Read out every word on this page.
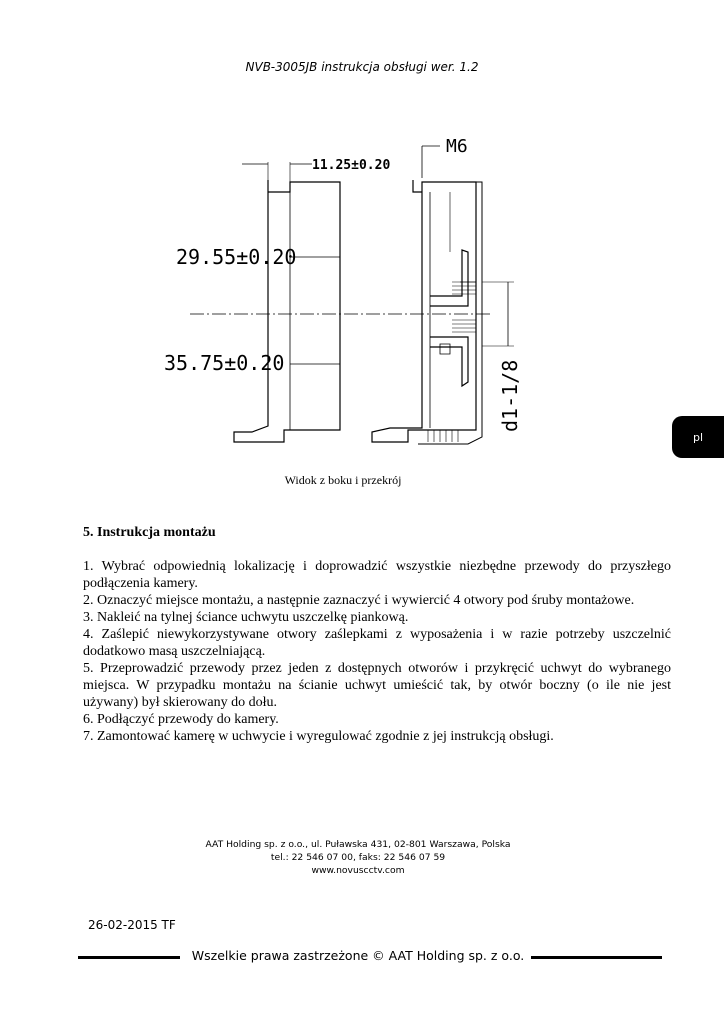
NVB-3005JB instrukcja obsługi wer. 1.2
pl
11.25±0.20
M6
29.55±0.20
35.75±0.20	d1-1/8
Widok z boku i przekrój
5. Instrukcja montażu

1. Wybrać odpowiednią lokalizację i doprowadzić wszystkie niezbędne przewody do przyszłego podłączenia kamery.

2. Oznaczyć miejsce montażu, a następnie zaznaczyć i wywiercić 4 otwory pod śruby montażowe.

3. Nakleić na tylnej ściance uchwytu uszczelkę piankową.

4. Zaślepić niewykorzystywane otwory zaślepkami z wyposażenia i w razie potrzeby uszczelnić dodatkowo masą uszczelniającą.

5. Przeprowadzić przewody przez jeden z dostępnych otworów i przykręcić uchwyt do wybranego miejsca. W przypadku montażu na ścianie uchwyt umieścić tak, by otwór boczny (o ile nie jest używany) był skierowany do dołu.

6. Podłączyć przewody do kamery.

7. Zamontować kamerę w uchwycie i wyregulować zgodnie z jej instrukcją obsługi.

AAT Holding sp. z o.o., ul. Puławska 431, 02-801 Warszawa, Polska
tel.: 22 546 07 00, faks: 22 546 07 59
www.novuscctv.com
26-02-2015 TF
Wszelkie prawa zastrzeżone © AAT Holding sp. z o.o.
